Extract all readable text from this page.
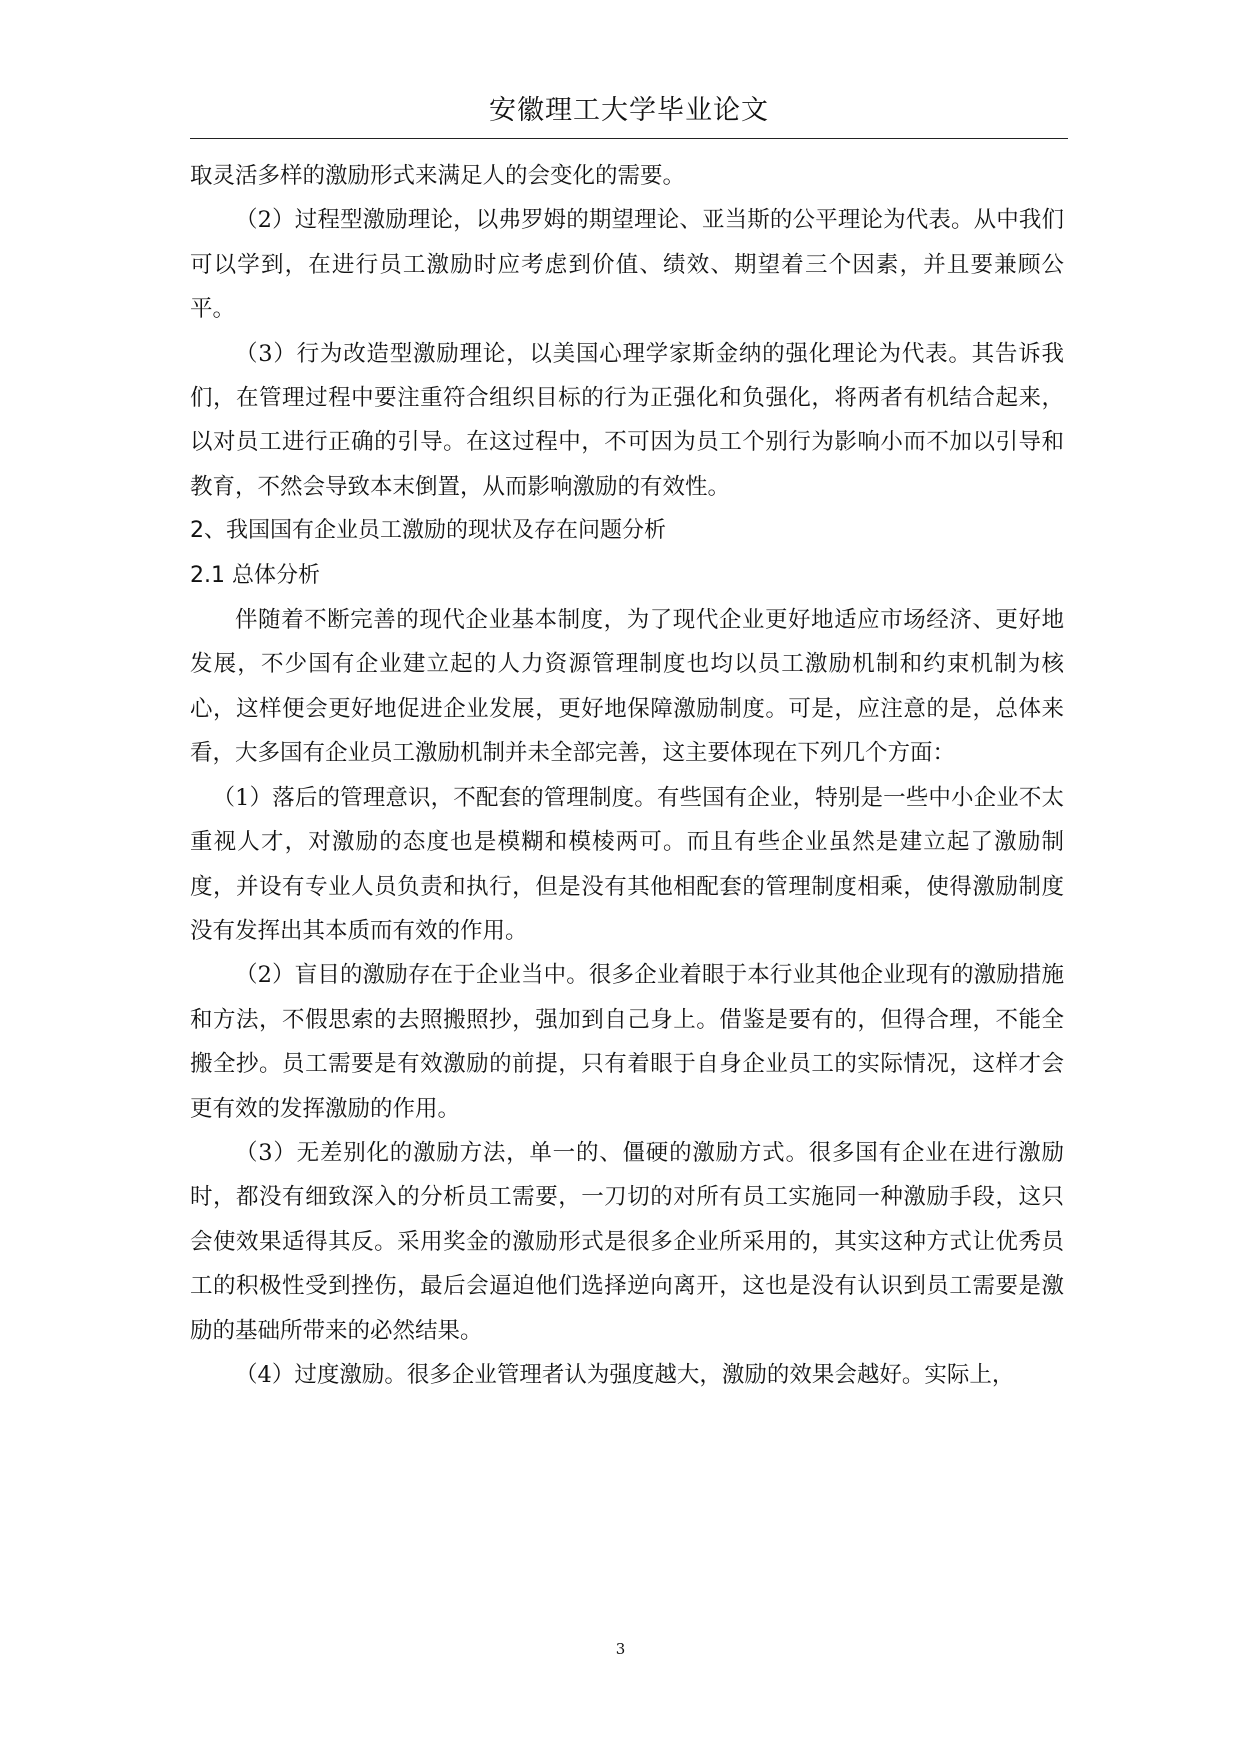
安徽理工大学毕业论文

取灵活多样的激励形式来满足人的会变化的需要。

（2）过程型激励理论，以弗罗姆的期望理论、亚当斯的公平理论为代表。从中我们可以学到，在进行员工激励时应考虑到价值、绩效、期望着三个因素，并且要兼顾公平。

（3）行为改造型激励理论，以美国心理学家斯金纳的强化理论为代表。其告诉我们，在管理过程中要注重符合组织目标的行为正强化和负强化，将两者有机结合起来，以对员工进行正确的引导。在这过程中，不可因为员工个别行为影响小而不加以引导和教育，不然会导致本末倒置，从而影响激励的有效性。

2、我国国有企业员工激励的现状及存在问题分析

2.1 总体分析

伴随着不断完善的现代企业基本制度，为了现代企业更好地适应市场经济、更好地发展，不少国有企业建立起的人力资源管理制度也均以员工激励机制和约束机制为核心，这样便会更好地促进企业发展，更好地保障激励制度。可是，应注意的是，总体来看，大多国有企业员工激励机制并未全部完善，这主要体现在下列几个方面：

（1）落后的管理意识，不配套的管理制度。有些国有企业，特别是一些中小企业不太重视人才，对激励的态度也是模糊和模棱两可。而且有些企业虽然是建立起了激励制度，并设有专业人员负责和执行，但是没有其他相配套的管理制度相乘，使得激励制度没有发挥出其本质而有效的作用。

（2）盲目的激励存在于企业当中。很多企业着眼于本行业其他企业现有的激励措施和方法，不假思索的去照搬照抄，强加到自己身上。借鉴是要有的，但得合理，不能全搬全抄。员工需要是有效激励的前提，只有着眼于自身企业员工的实际情况，这样才会更有效的发挥激励的作用。

（3）无差别化的激励方法，单一的、僵硬的激励方式。很多国有企业在进行激励时，都没有细致深入的分析员工需要，一刀切的对所有员工实施同一种激励手段，这只会使效果适得其反。采用奖金的激励形式是很多企业所采用的，其实这种方式让优秀员工的积极性受到挫伤，最后会逼迫他们选择逆向离开，这也是没有认识到员工需要是激励的基础所带来的必然结果。

（4）过度激励。很多企业管理者认为强度越大，激励的效果会越好。实际上，

3
